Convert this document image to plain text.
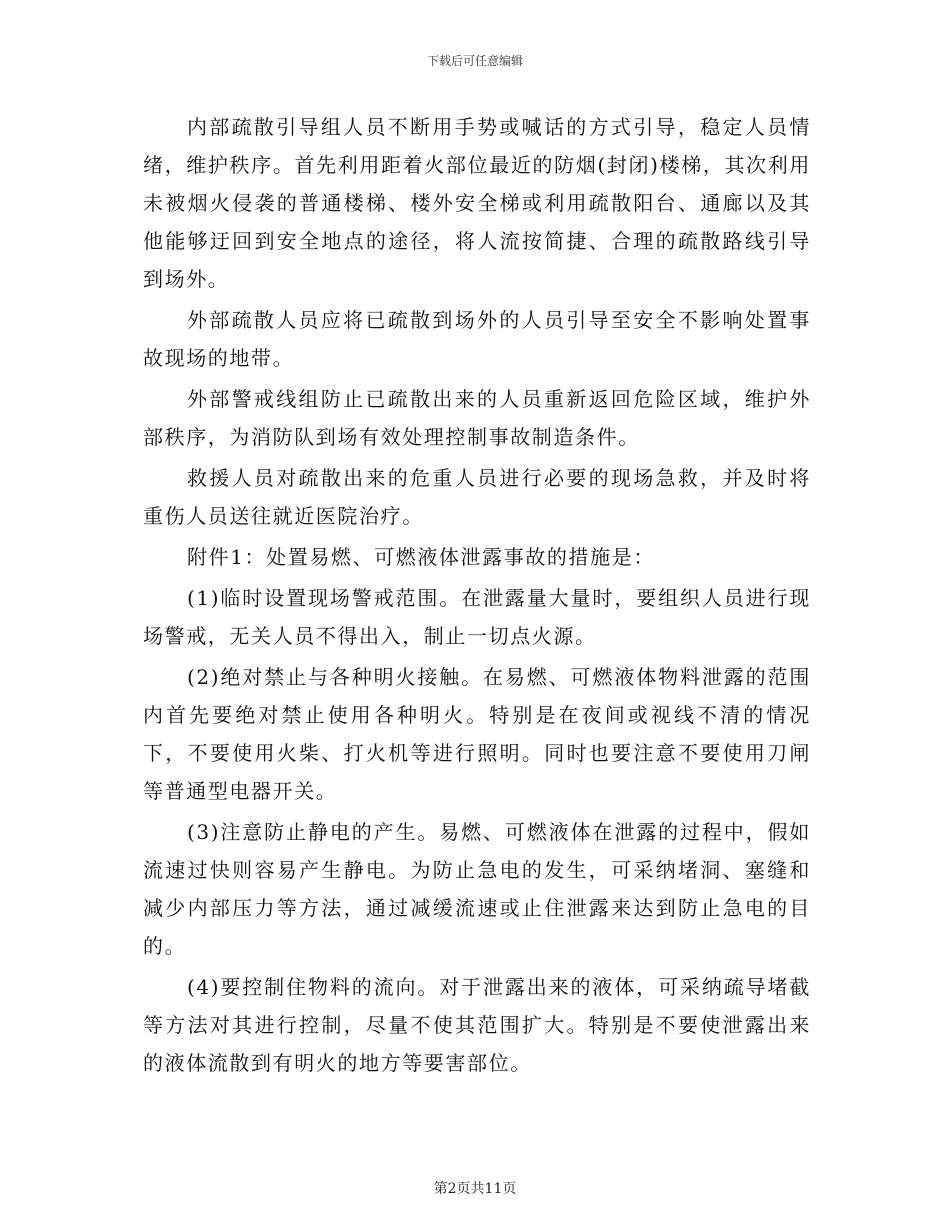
下载后可任意编辑

内部疏散引导组人员不断用手势或喊话的方式引导，稳定人员情绪，维护秩序。首先利用距着火部位最近的防烟(封闭)楼梯，其次利用未被烟火侵袭的普通楼梯、楼外安全梯或利用疏散阳台、通廊以及其他能够迂回到安全地点的途径，将人流按简捷、合理的疏散路线引导到场外。

外部疏散人员应将已疏散到场外的人员引导至安全不影响处置事故现场的地带。

外部警戒线组防止已疏散出来的人员重新返回危险区域，维护外部秩序，为消防队到场有效处理控制事故制造条件。

救援人员对疏散出来的危重人员进行必要的现场急救，并及时将重伤人员送往就近医院治疗。

附件1：处置易燃、可燃液体泄露事故的措施是：

(1)临时设置现场警戒范围。在泄露量大量时，要组织人员进行现场警戒，无关人员不得出入，制止一切点火源。

(2)绝对禁止与各种明火接触。在易燃、可燃液体物料泄露的范围内首先要绝对禁止使用各种明火。特别是在夜间或视线不清的情况下，不要使用火柴、打火机等进行照明。同时也要注意不要使用刀闸等普通型电器开关。

(3)注意防止静电的产生。易燃、可燃液体在泄露的过程中，假如流速过快则容易产生静电。为防止急电的发生，可采纳堵洞、塞缝和减少内部压力等方法，通过减缓流速或止住泄露来达到防止急电的目的。

(4)要控制住物料的流向。对于泄露出来的液体，可采纳疏导堵截等方法对其进行控制，尽量不使其范围扩大。特别是不要使泄露出来的液体流散到有明火的地方等要害部位。

第2页共11页
